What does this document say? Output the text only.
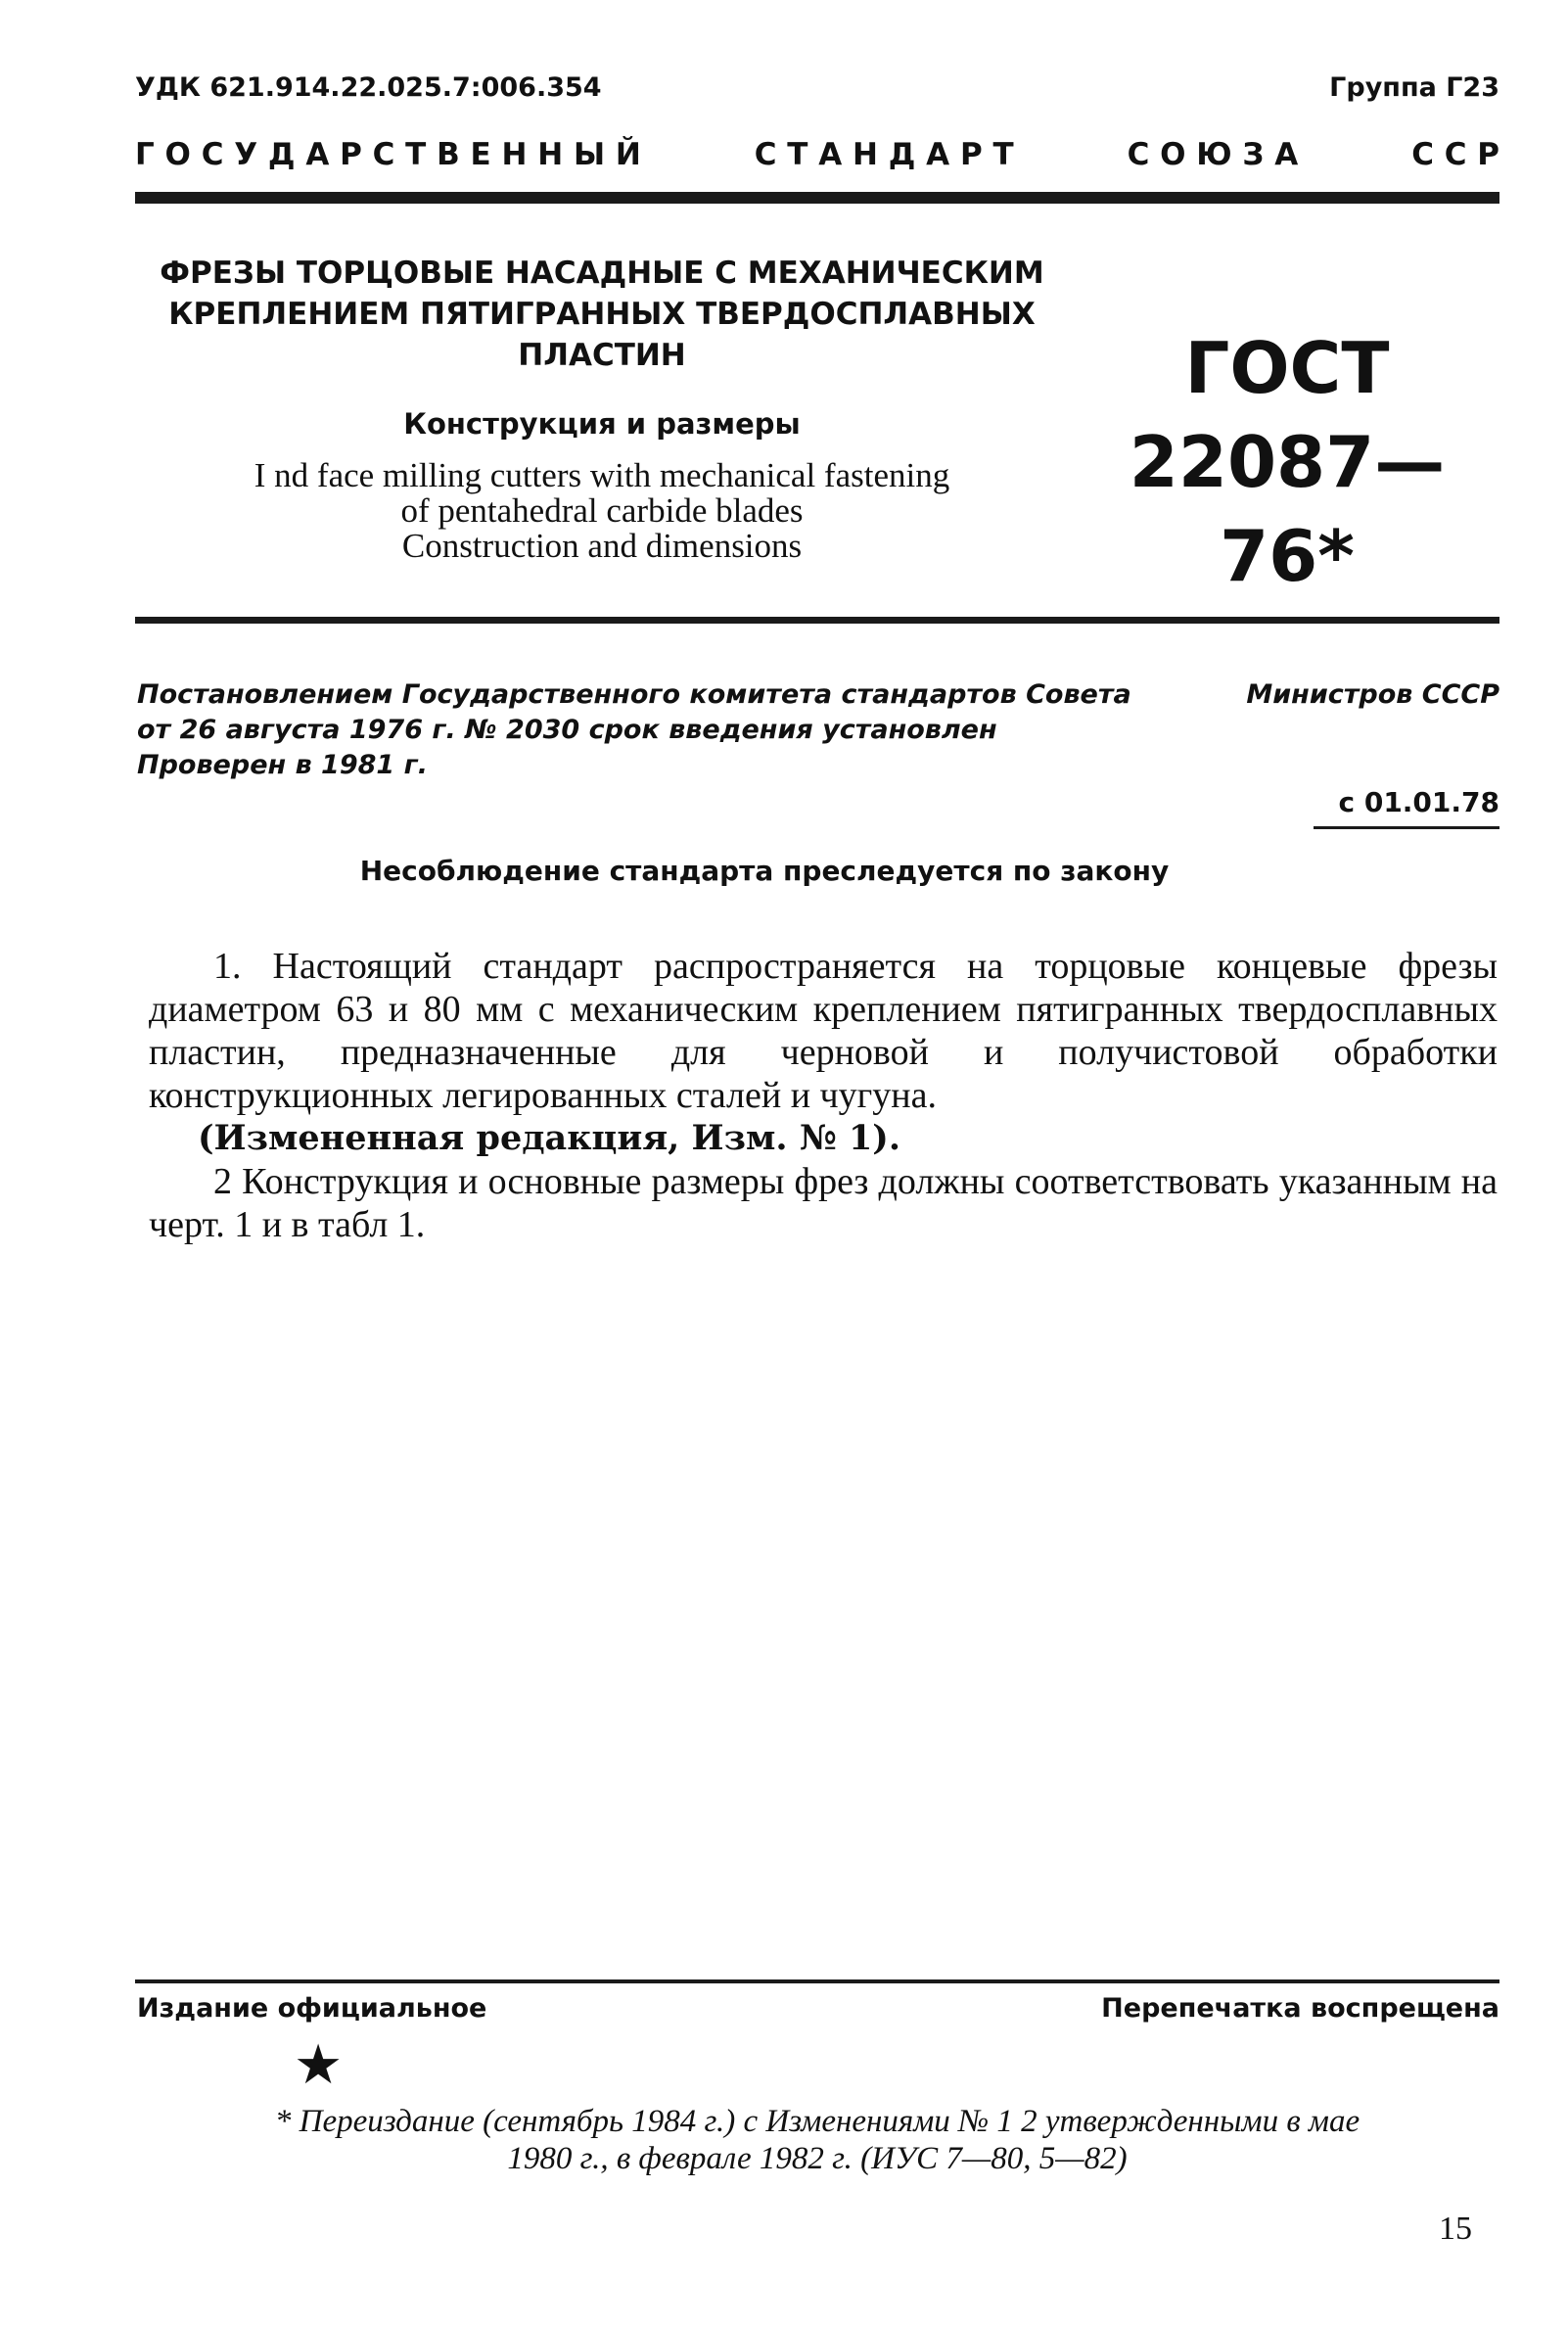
УДК 621.914.22.025.7:006.354	Группа Г23
Г О С У Д А Р С Т В Е Н Н Ы Й	С Т А Н Д А Р Т	С О Ю З А	С С Р
ФРЕЗЫ ТОРЦОВЫЕ НАСАДНЫЕ С МЕХАНИЧЕСКИМ
КРЕПЛЕНИЕМ ПЯТИГРАННЫХ ТВЕРДОСПЛАВНЫХ
ПЛАСТИН
Конструкция и размеры
I nd face milling cutters with mechanical fastening
of pentahedral carbide blades
Construction and dimensions
ГОСТ
22087—76*
Постановлением Государственного комитета стандартов Совета	Министров СССР
от 26 августа 1976 г. № 2030 срок введения установлен
Проверен в 1981 г.
с 01.01.78
Несоблюдение стандарта преследуется по закону

1. Настоящий стандарт распространяется на торцовые концевые фрезы диаметром 63 и 80 мм с механическим креплением пятигранных твердосплавных пластин, предназначенные для черновой и получистовой обработки конструкционных легированных сталей и чугуна.

(Измененная редакция, Изм. № 1).

2 Конструкция и основные размеры фрез должны соответствовать указанным на черт. 1 и в табл 1.

Издание официальное	Перепечатка воспрещена
★
* Переиздание (сентябрь 1984 г.) с Изменениями № 1 2 утвержденными в мае
1980 г., в феврале 1982 г. (ИУС 7—80, 5—82)
15
